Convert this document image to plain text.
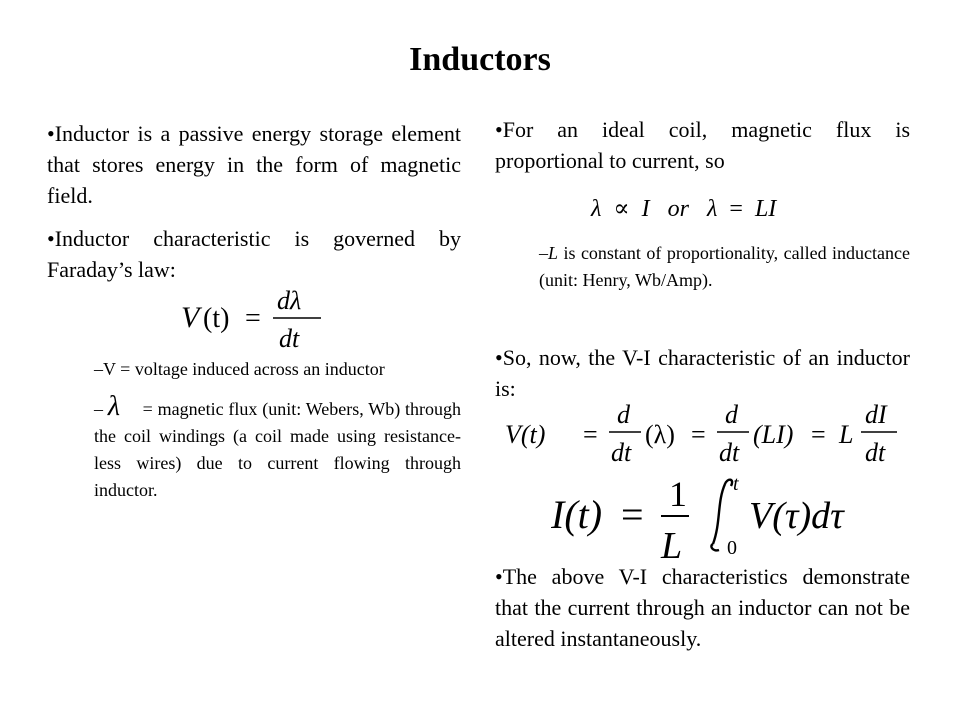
Inductors

•Inductor is a passive energy storage element that stores energy in the form of magnetic field.

•Inductor characteristic is governed by Faraday’s law:

V (t) =
dλ
dt

–V = voltage induced across an inductor

– λ = magnetic flux (unit: Webers, Wb) through the coil windings (a coil made using resistance-less wires) due to current flowing through inductor.

•For an ideal coil, magnetic flux is proportional to current, so

λ ∝ I or λ = LI

–L is constant of proportionality, called inductance (unit: Henry, Wb/Amp).

•So, now, the V-I characteristic of an inductor is:

V(t) =
d
dt
(λ) =
d
dt
(LI) = L
dI
dt
I(t) = 1
L
t
0
V(τ)dτ

•The above V-I characteristics demonstrate that the current through an inductor can not be altered instantaneously.
